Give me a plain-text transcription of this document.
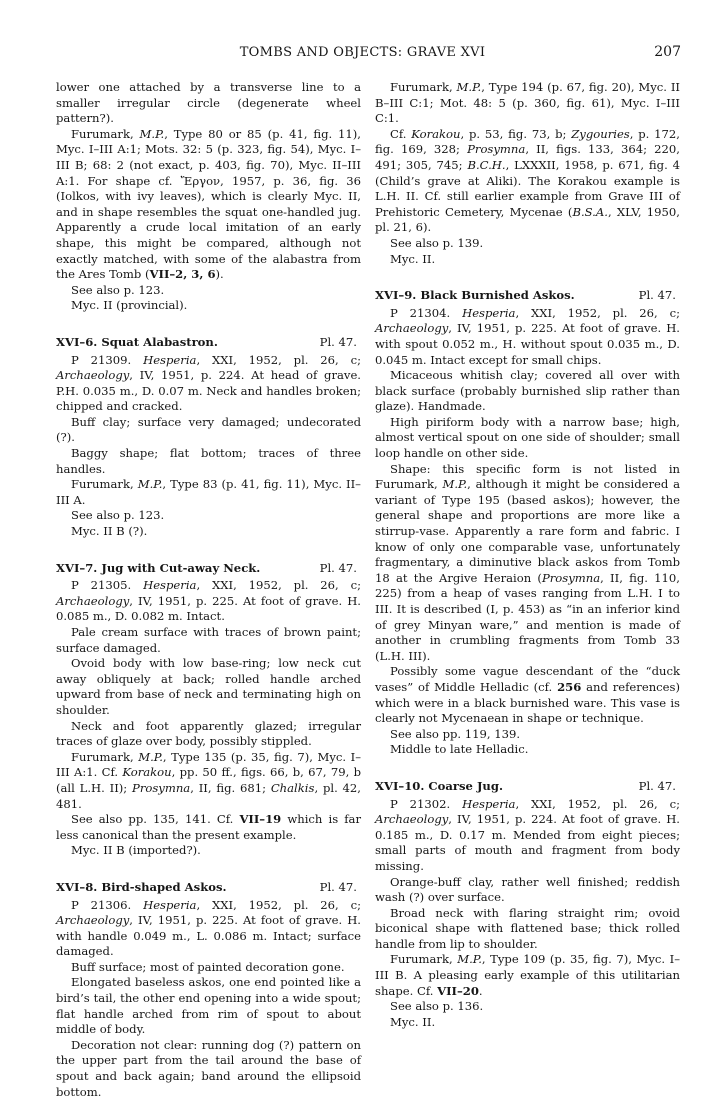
TOMBS AND OBJECTS: GRAVE XVI	207

lower one attached by a transverse line to a smaller irregular circle (degenerate wheel pattern?).

Furumark, M.P., Type 80 or 85 (p. 41, fig. 11), Myc. I–III A:1; Mots. 32: 5 (p. 323, fig. 54), Myc. I–III B; 68: 2 (not exact, p. 403, fig. 70), Myc. II–III A:1. For shape cf. Ἔργον, 1957, p. 36, fig. 36 (Iolkos, with ivy leaves), which is clearly Myc. II, and in shape resembles the squat one-handled jug. Apparently a crude local imitation of an early shape, this might be compared, although not exactly matched, with some of the alabastra from the Ares Tomb (VII–2, 3, 6).

See also p. 123.

Myc. II (provincial).

XVI–6. Squat Alabastron.	Pl. 47.

P 21309. Hesperia, XXI, 1952, pl. 26, c; Archaeology, IV, 1951, p. 224. At head of grave. P.H. 0.035 m., D. 0.07 m. Neck and handles broken; chipped and cracked.

Buff clay; surface very damaged; undecorated (?).

Baggy shape; flat bottom; traces of three handles.

Furumark, M.P., Type 83 (p. 41, fig. 11), Myc. II–III A.

See also p. 123.

Myc. II B (?).

XVI–7. Jug with Cut-away Neck.	Pl. 47.

P 21305. Hesperia, XXI, 1952, pl. 26, c; Archaeology, IV, 1951, p. 225. At foot of grave. H. 0.085 m., D. 0.082 m. Intact.

Pale cream surface with traces of brown paint; surface damaged.

Ovoid body with low base-ring; low neck cut away obliquely at back; rolled handle arched upward from base of neck and terminating high on shoulder.

Neck and foot apparently glazed; irregular traces of glaze over body, possibly stippled.

Furumark, M.P., Type 135 (p. 35, fig. 7), Myc. I–III A:1. Cf. Korakou, pp. 50 ff., figs. 66, b, 67, 79, b (all L.H. II); Prosymna, II, fig. 681; Chalkis, pl. 42, 481.

See also pp. 135, 141. Cf. VII–19 which is far less canonical than the present example.

Myc. II B (imported?).

XVI–8. Bird-shaped Askos.	Pl. 47.

P 21306. Hesperia, XXI, 1952, pl. 26, c; Archaeology, IV, 1951, p. 225. At foot of grave. H. with handle 0.049 m., L. 0.086 m. Intact; surface damaged.

Buff surface; most of painted decoration gone.

Elongated baseless askos, one end pointed like a bird’s tail, the other end opening into a wide spout; flat handle arched from rim of spout to about middle of body.

Decoration not clear: running dog (?) pattern on the upper part from the tail around the base of spout and back again; band around the ellipsoid bottom.

Furumark, M.P., Type 194 (p. 67, fig. 20), Myc. II B–III C:1; Mot. 48: 5 (p. 360, fig. 61), Myc. I–III C:1.

Cf. Korakou, p. 53, fig. 73, b; Zygouries, p. 172, fig. 169, 328; Prosymna, II, figs. 133, 364; 220, 491; 305, 745; B.C.H., LXXXII, 1958, p. 671, fig. 4 (Child’s grave at Aliki). The Korakou example is L.H. II. Cf. still earlier example from Grave III of Prehistoric Cemetery, Mycenae (B.S.A., XLV, 1950, pl. 21, 6).

See also p. 139.

Myc. II.

XVI–9. Black Burnished Askos.	Pl. 47.

P 21304. Hesperia, XXI, 1952, pl. 26, c; Archaeology, IV, 1951, p. 225. At foot of grave. H. with spout 0.052 m., H. without spout 0.035 m., D. 0.045 m. Intact except for small chips.

Micaceous whitish clay; covered all over with black surface (probably burnished slip rather than glaze). Handmade.

High piriform body with a narrow base; high, almost vertical spout on one side of shoulder; small loop handle on other side.

Shape: this specific form is not listed in Furumark, M.P., although it might be considered a variant of Type 195 (based askos); however, the general shape and proportions are more like a stirrup-vase. Apparently a rare form and fabric. I know of only one comparable vase, unfortunately fragmentary, a diminutive black askos from Tomb 18 at the Argive Heraion (Prosymna, II, fig. 110, 225) from a heap of vases ranging from L.H. I to III. It is described (I, p. 453) as “in an inferior kind of grey Minyan ware,” and mention is made of another in crumbling fragments from Tomb 33 (L.H. III).

Possibly some vague descendant of the “duck vases” of Middle Helladic (cf. 256 and references) which were in a black burnished ware. This vase is clearly not Mycenaean in shape or technique.

See also pp. 119, 139.

Middle to late Helladic.

XVI–10. Coarse Jug.	Pl. 47.

P 21302. Hesperia, XXI, 1952, pl. 26, c; Archaeology, IV, 1951, p. 224. At foot of grave. H. 0.185 m., D. 0.17 m. Mended from eight pieces; small parts of mouth and fragment from body missing.

Orange-buff clay, rather well finished; reddish wash (?) over surface.

Broad neck with flaring straight rim; ovoid biconical shape with flattened base; thick rolled handle from lip to shoulder.

Furumark, M.P., Type 109 (p. 35, fig. 7), Myc. I–III B. A pleasing early example of this utilitarian shape. Cf. VII–20.

See also p. 136.

Myc. II.
